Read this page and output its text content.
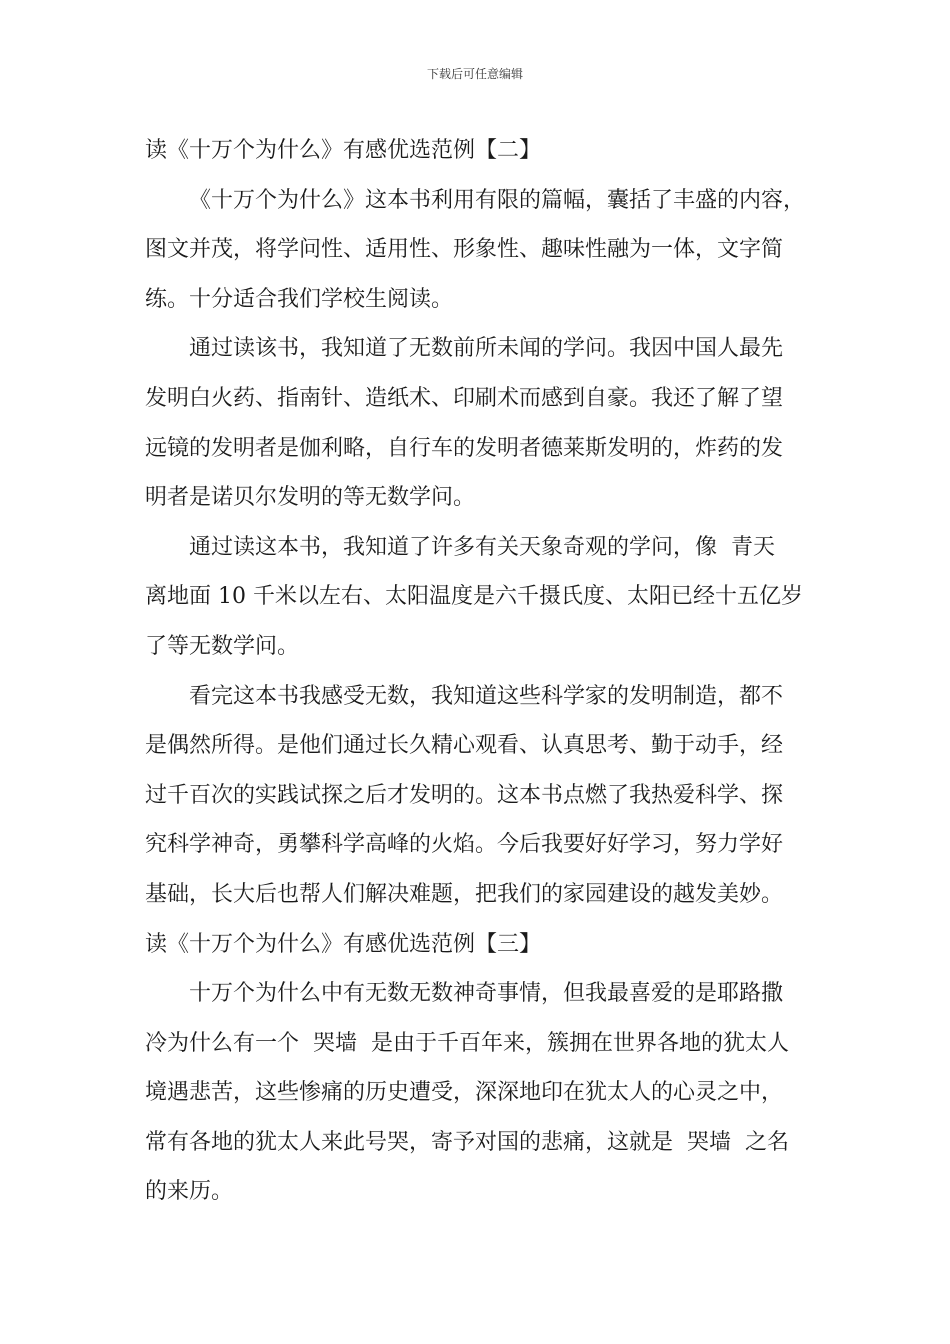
下载后可任意编辑
读《十万个为什么》有感优选范例【二】
《十万个为什么》这本书利用有限的篇幅，囊括了丰盛的内容，
图文并茂，将学问性、适用性、形象性、趣味性融为一体，文字简
练。十分适合我们学校生阅读。
通过读该书，我知道了无数前所未闻的学问。我因中国人最先
发明白火药、指南针、造纸术、印刷术而感到自豪。我还了解了望
远镜的发明者是伽利略，自行车的发明者德莱斯发明的，炸药的发
明者是诺贝尔发明的等无数学问。
通过读这本书，我知道了许多有关天象奇观的学问，像  青天
离地面 10 千米以左右、太阳温度是六千摄氏度、太阳已经十五亿岁
了等无数学问。
看完这本书我感受无数，我知道这些科学家的发明制造，都不
是偶然所得。是他们通过长久精心观看、认真思考、勤于动手，经
过千百次的实践试探之后才发明的。这本书点燃了我热爱科学、探
究科学神奇，勇攀科学高峰的火焰。今后我要好好学习，努力学好
基础，长大后也帮人们解决难题，把我们的家园建设的越发美妙。
读《十万个为什么》有感优选范例【三】
十万个为什么中有无数无数神奇事情，但我最喜爱的是耶路撒
冷为什么有一个  哭墙  是由于千百年来，簇拥在世界各地的犹太人
境遇悲苦，这些惨痛的历史遭受，深深地印在犹太人的心灵之中，
常有各地的犹太人来此号哭，寄予对国的悲痛，这就是  哭墙  之名
的来历。
